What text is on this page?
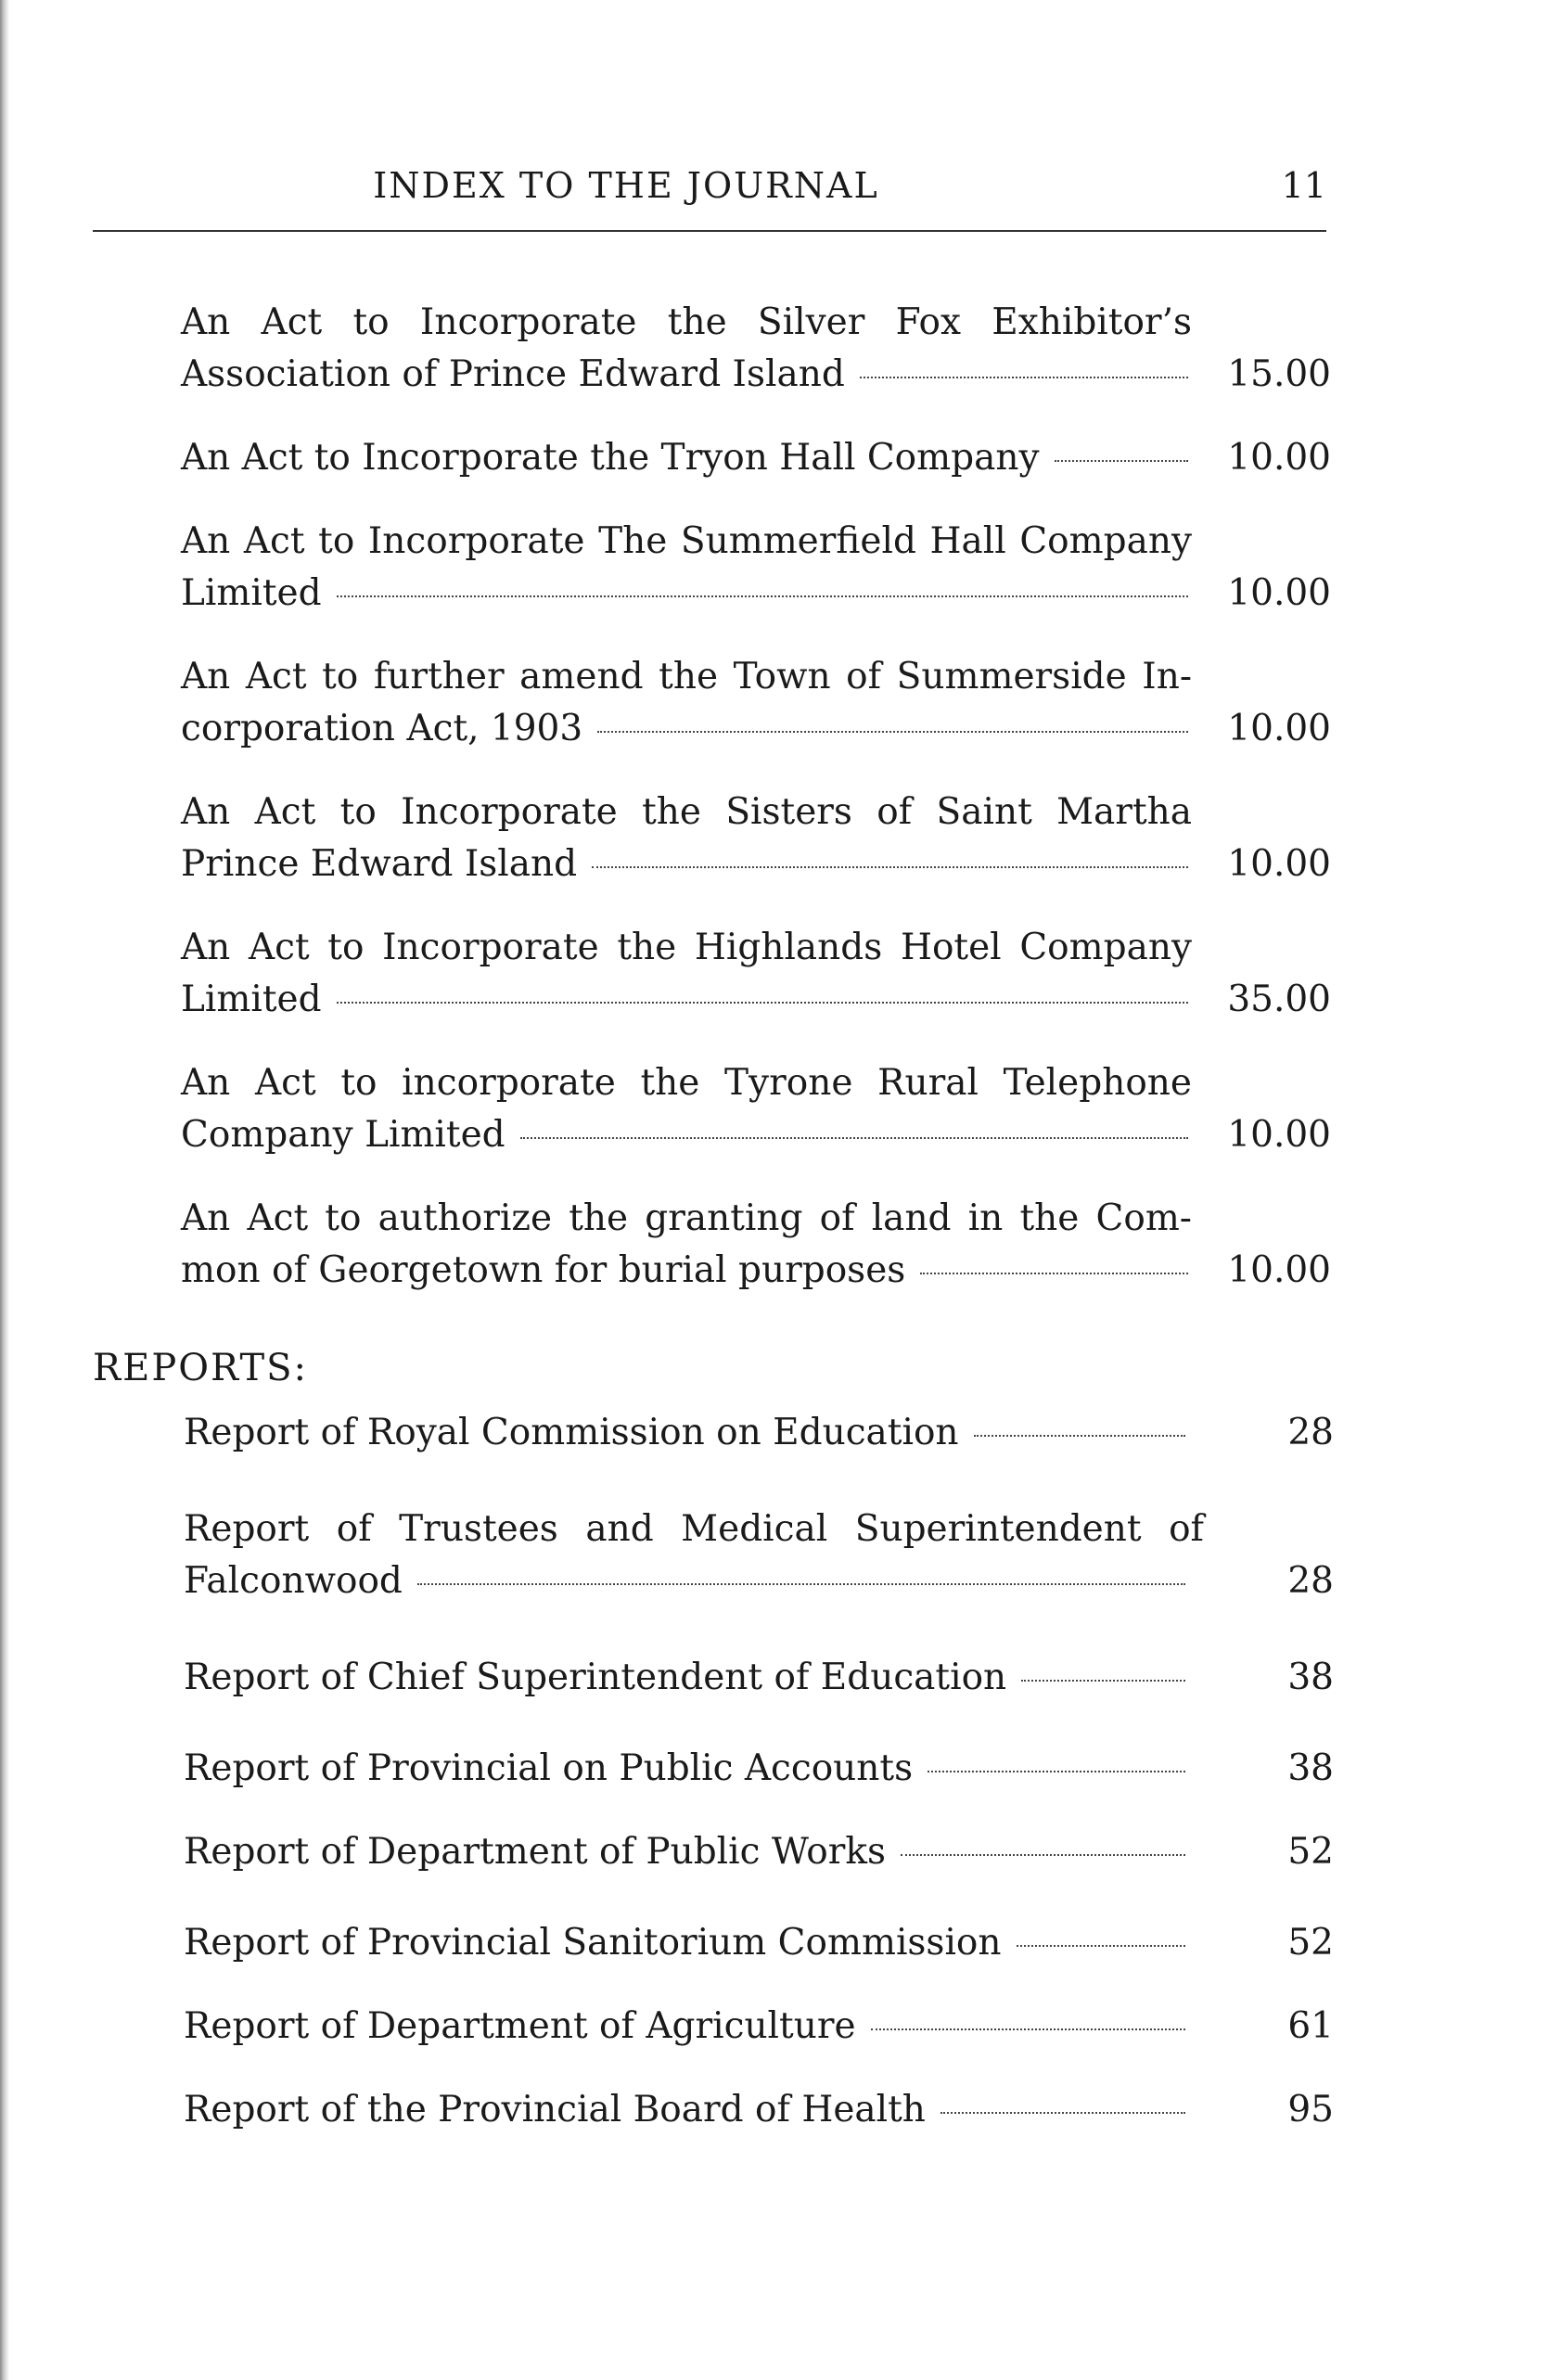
INDEX TO THE JOURNAL	11
An Act to Incorporate the Silver Fox Exhibitor’s
Association of Prince Edward Island	15.00
An Act to Incorporate the Tryon Hall Company	10.00
An Act to Incorporate The Summerfield Hall Company
Limited	10.00
An Act to further amend the Town of Summerside In-
corporation Act, 1903	10.00
An Act to Incorporate the Sisters of Saint Martha
Prince Edward Island	10.00
An Act to Incorporate the Highlands Hotel Company
Limited	35.00
An Act to incorporate the Tyrone Rural Telephone
Company Limited	10.00
An Act to authorize the granting of land in the Com-
mon of Georgetown for burial purposes	10.00
REPORTS:
Report of Royal Commission on Education	28
Report of Trustees and Medical Superintendent of
Falconwood	28
Report of Chief Superintendent of Education	38
Report of Provincial on Public Accounts	38
Report of Department of Public Works	52
Report of Provincial Sanitorium Commission	52
Report of Department of Agriculture	61
Report of the Provincial Board of Health	95
